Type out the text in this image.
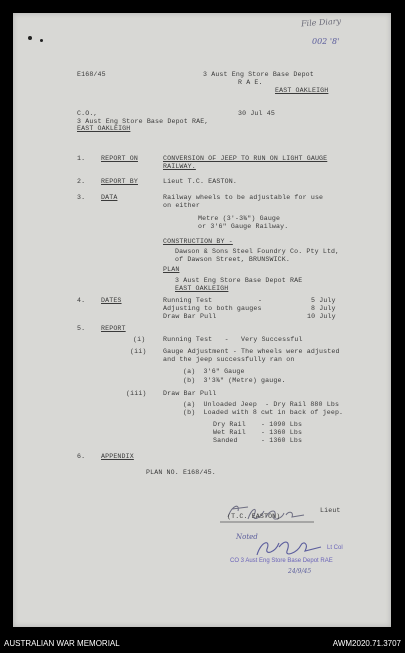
File Diary
002 '8'
E168/45	3 Aust Eng Store Base Depot
R A E.
EAST OAKLEIGH
C.O.,	30 Jul 45
3 Aust Eng Store Base Depot RAE,
EAST OAKLEIGH
1. REPORT ON	CONVERSION OF JEEP TO RUN ON LIGHT GAUGE
RAILWAY.
2. REPORT BY	Lieut T.C. EASTON.
3. DATA	Railway wheels to be adjustable for use
on either
Metre (3'-3⅜") Gauge
or 3'6" Gauge Railway.
CONSTRUCTION BY -
Dawson & Sons Steel Foundry Co. Pty Ltd,
of Dawson Street, BRUNSWICK.
PLAN
3 Aust Eng Store Base Depot RAE
EAST OAKLEIGH
4. DATES	Running Test	-	5 July
Adjusting to both gauges	8 July
Draw Bar Pull	10 July
5. REPORT
(i)	Running Test   -   Very Successful
(ii)	Gauge Adjustment - The wheels were adjusted
and the jeep successfully ran on
(a)  3'6" Gauge
(b)  3'3⅜" (Metre) gauge.
(iii) Draw Bar Pull
(a)  Unloaded Jeep  - Dry Rail 880 Lbs
(b)  Loaded with 8 cwt in back of jeep.
Dry Rail - 1090 Lbs
Wet Rail - 1360 Lbs
Sanded	- 1360 Lbs
6. APPENDIX
PLAN NO. E168/45.
(T.C. EASTON)
Lieut
Noted
Lt Col
CO 3 Aust Eng Store Base Depot RAE
24/9/45
AUSTRALIAN WAR MEMORIAL	AWM2020.71.3707
